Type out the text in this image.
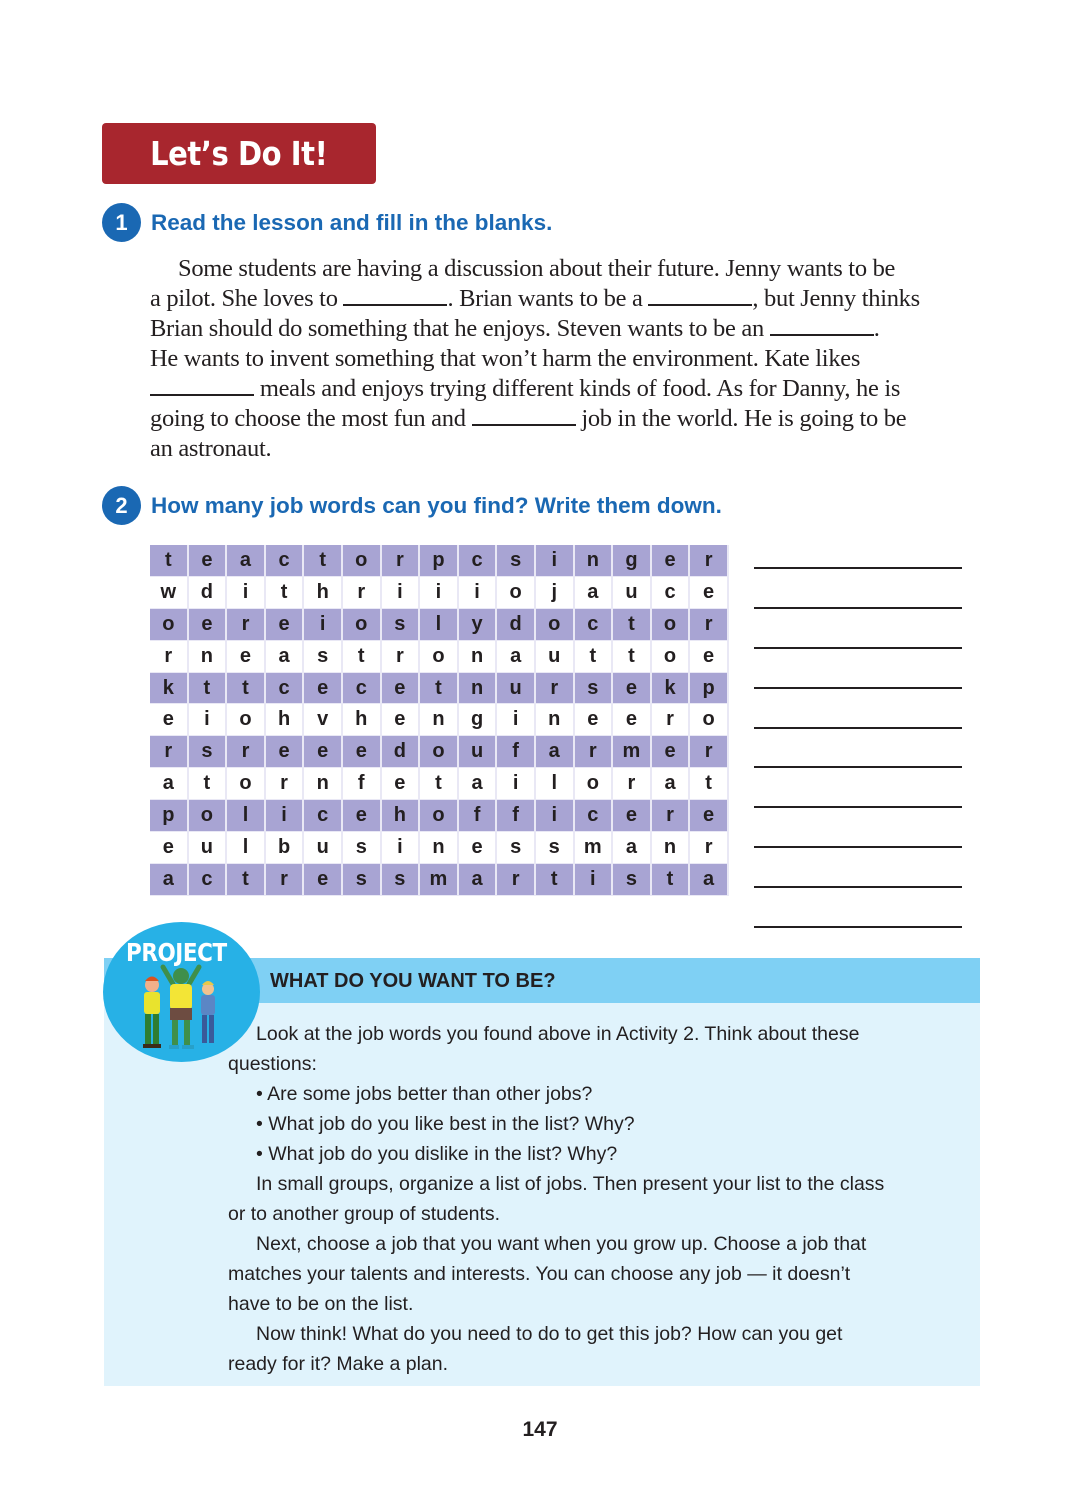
Let’s Do It!
1	Read the lesson and fill in the blanks.
Some students are having a discussion about their future. Jenny wants to be
a pilot. She loves to	. Brian wants to be a	, but Jenny thinks
Brian should do something that he enjoys. Steven wants to be an	.
He wants to invent something that won’t harm the environment. Kate likes
meals and enjoys trying different kinds of food. As for Danny, he is
going to choose the most fun and	job in the world. He is going to be
an astronaut.
2	How many job words can you find? Write them down.
t	e	a	c	t	o	r	p	c	s	i	n	g	e	r
w	d	i	t	h	r	i	i	i	o	j	a	u	c	e
o	e	r	e	i	o	s	l	y	d	o	c	t	o	r
r	n	e	a	s	t	r	o	n	a	u	t	t	o	e
k	t	t	c	e	c	e	t	n	u	r	s	e	k	p
e	i	o	h	v	h	e	n	g	i	n	e	e	r	o
r	s	r	e	e	e	d	o	u	f	a	r	m	e	r
a	t	o	r	n	f	e	t	a	i	l	o	r	a	t
p	o	l	i	c	e	h	o	f	f	i	c	e	r	e
e	u	l	b	u	s	i	n	e	s	s	m	a	n	r
a	c	t	r	e	s	s	m	a	r	t	i	s	t	a
WHAT DO YOU WANT TO BE?
PROJECT
Look at the job words you found above in Activity 2. Think about these
questions:
• Are some jobs better than other jobs?
• What job do you like best in the list? Why?
• What job do you dislike in the list? Why?
In small groups, organize a list of jobs. Then present your list to the class
or to another group of students.
Next, choose a job that you want when you grow up. Choose a job that
matches your talents and interests. You can choose any job — it doesn’t
have to be on the list.
Now think! What do you need to do to get this job? How can you get
ready for it? Make a plan.
147
